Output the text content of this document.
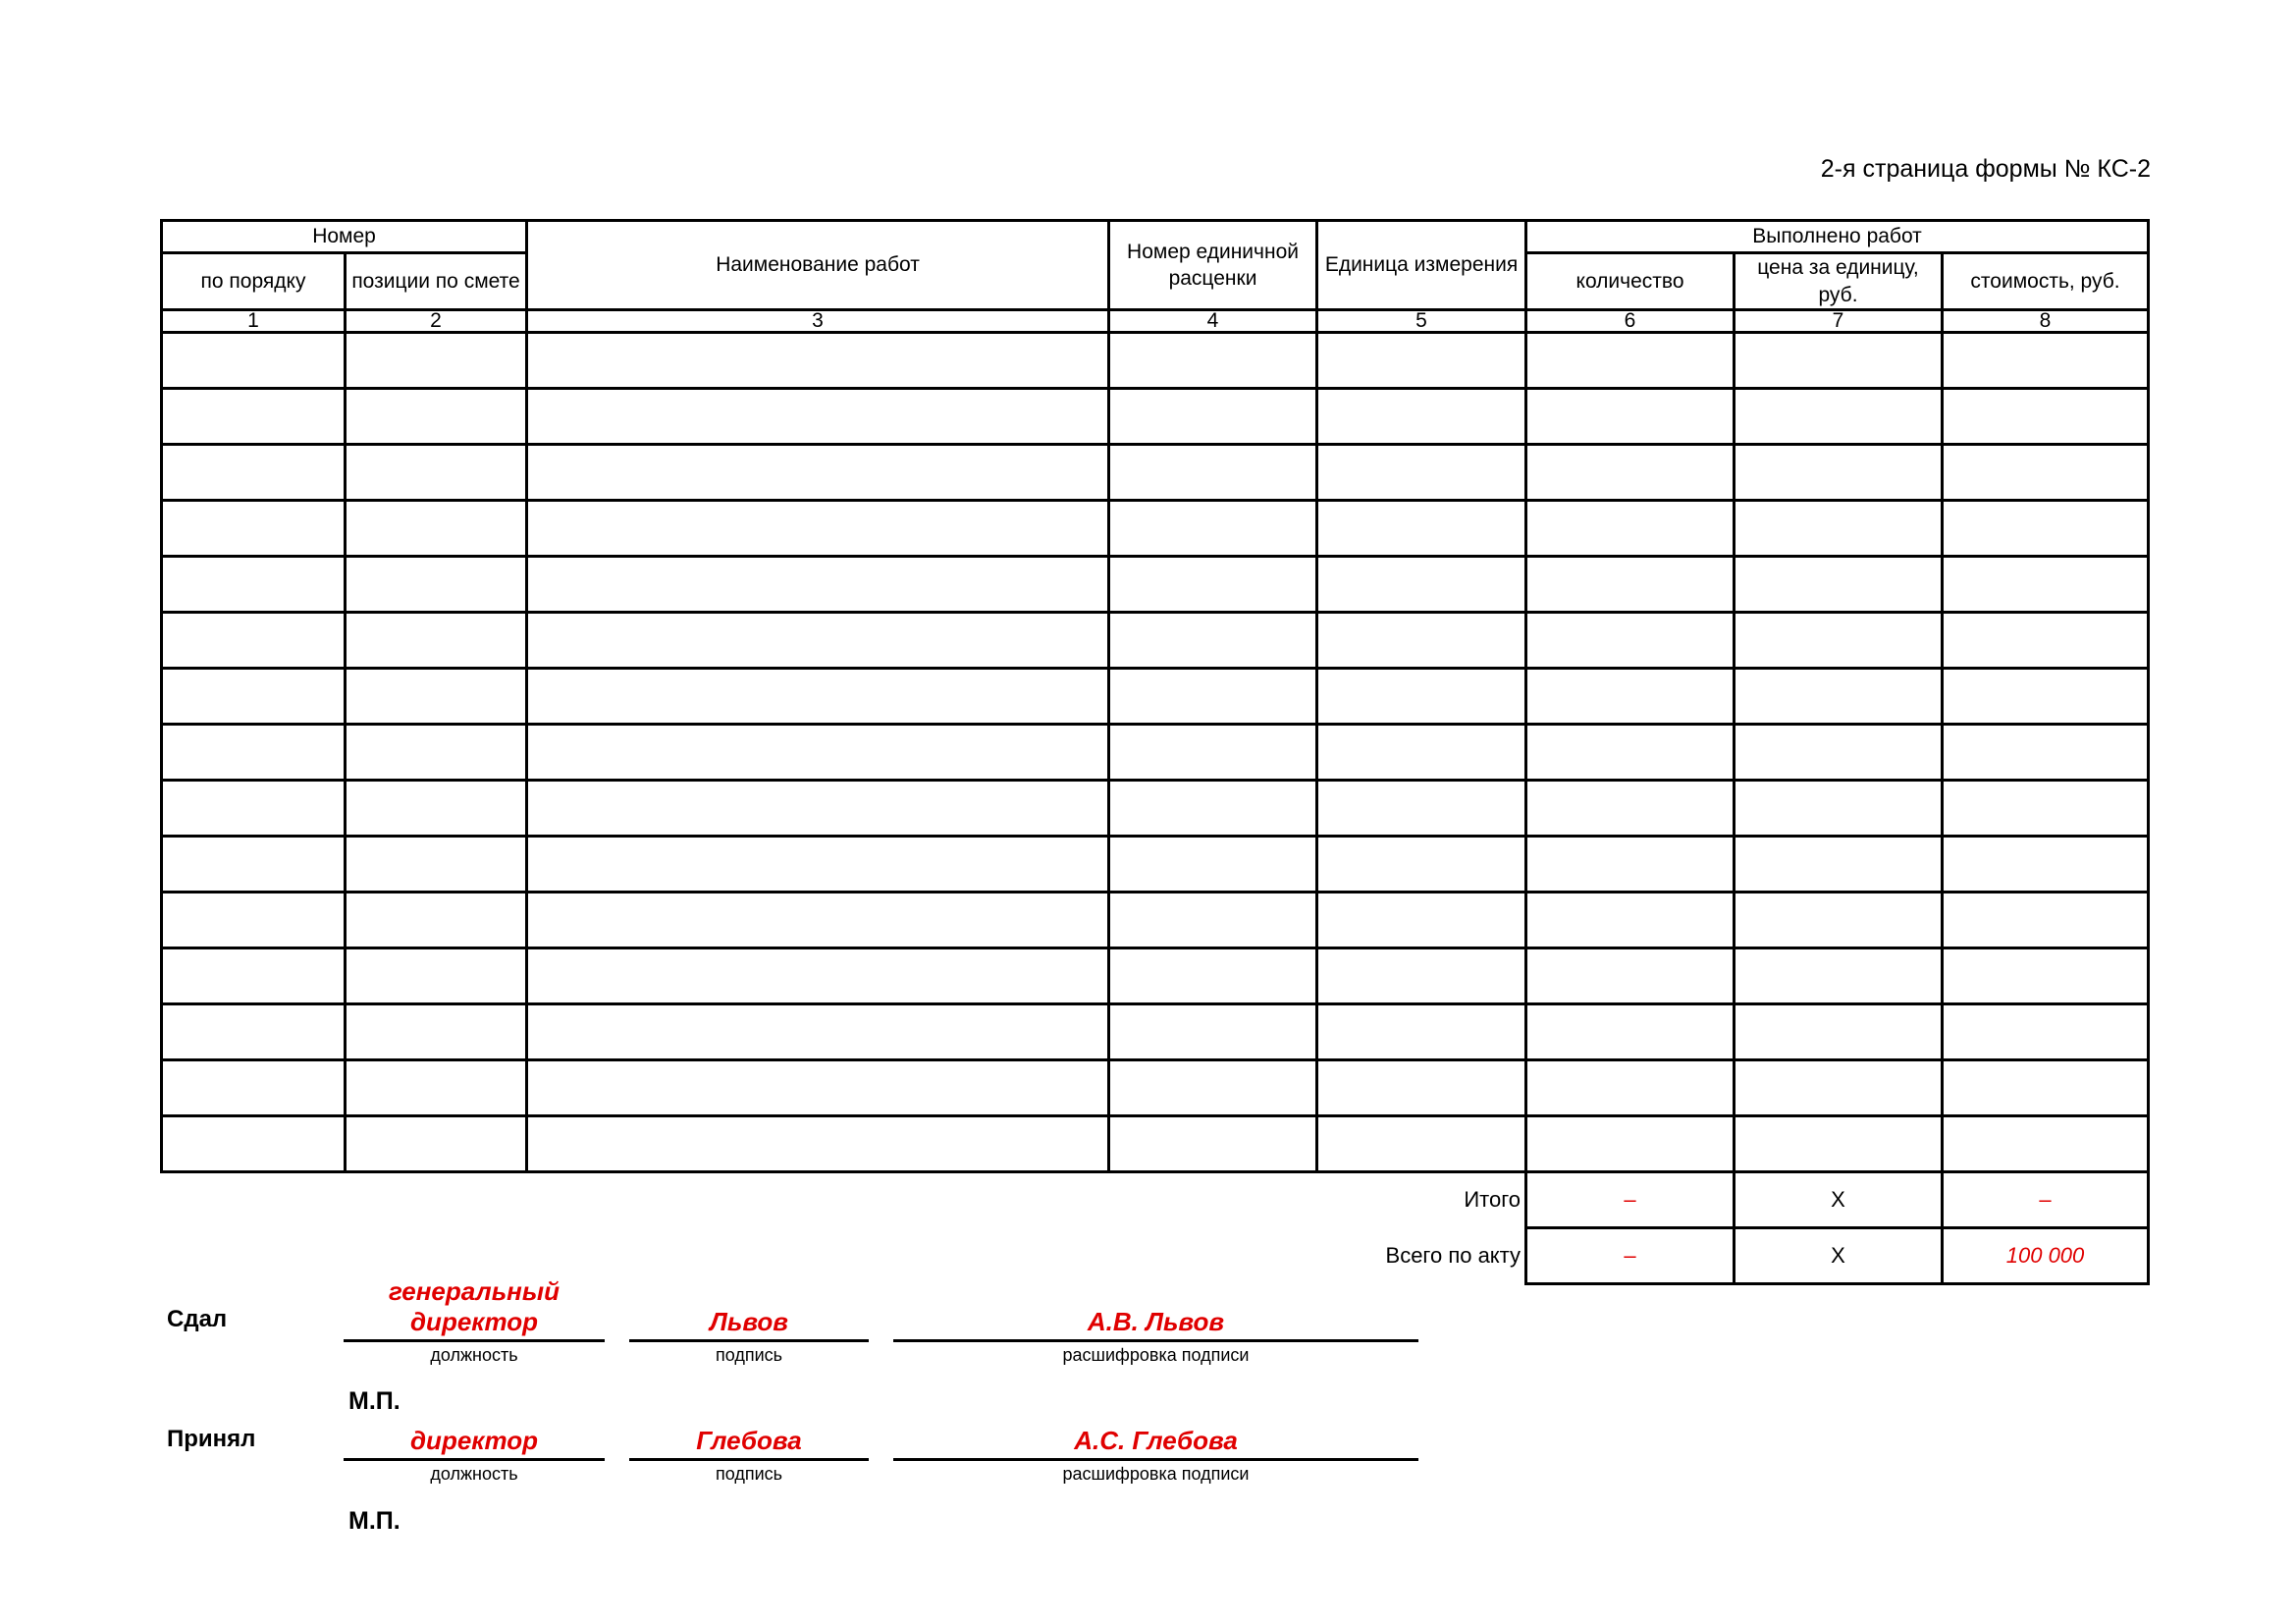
2-я страница формы № КС-2
Номер		Наименование работ	Номер единичной расценки	Единица измерения	Выполнено работ		
по порядку	позиции по смете				количество	цена за единицу, руб.	стоимость, руб.
1	2	3	4	5	6	7	8

				Итого	–	Х	–
				Всего по акту	–	Х	100 000
Сдал
генеральный директор	Львов	А.В. Львов
должность	подпись	расшифровка подписи
М.П.
Принял	директор	Глебова	А.С. Глебова
должность	подпись	расшифровка подписи
М.П.
